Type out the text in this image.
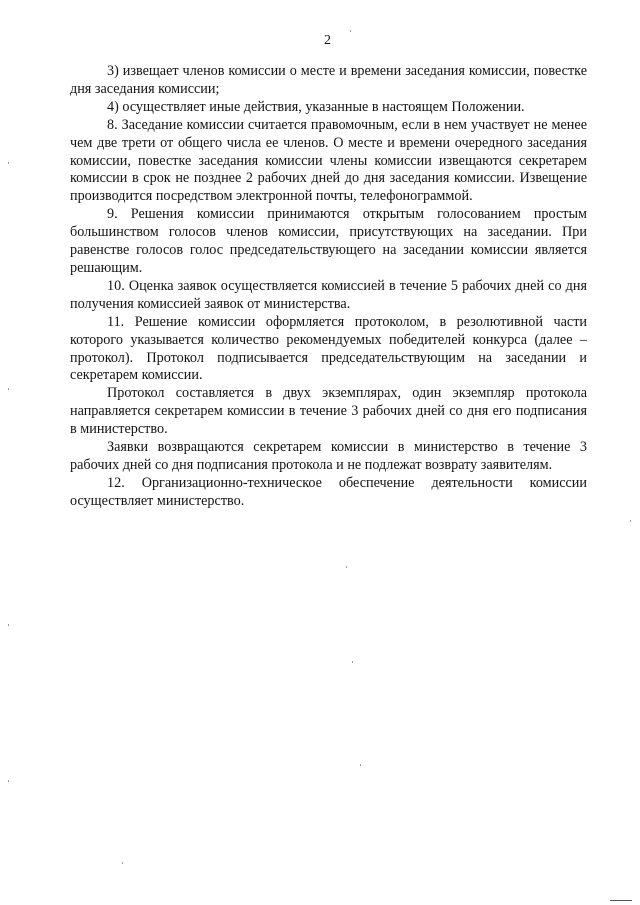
2

3) извещает членов комиссии о месте и времени заседания комиссии, повестке дня заседания комиссии;

4) осуществляет иные действия, указанные в настоящем Положении.

8. Заседание комиссии считается правомочным, если в нем участвует не менее чем две трети от общего числа ее членов. О месте и времени очередного заседания комиссии, повестке заседания комиссии члены комиссии извещаются секретарем комиссии в срок не позднее 2 рабочих дней до дня заседания комиссии. Извещение производится посредством электронной почты, телефонограммой.

9. Решения комиссии принимаются открытым голосованием простым большинством голосов членов комиссии, присутствующих на заседании. При равенстве голосов голос председательствующего на заседании комиссии является решающим.

10. Оценка заявок осуществляется комиссией в течение 5 рабочих дней со дня получения комиссией заявок от министерства.

11. Решение комиссии оформляется протоколом, в резолютивной части которого указывается количество рекомендуемых победителей конкурса (далее – протокол). Протокол подписывается председательствующим на заседании и секретарем комиссии.

Протокол составляется в двух экземплярах, один экземпляр протокола направляется секретарем комиссии в течение 3 рабочих дней со дня его подписания в министерство.

Заявки возвращаются секретарем комиссии в министерство в течение 3 рабочих дней со дня подписания протокола и не подлежат возврату заявителям.

12. Организационно-техническое обеспечение деятельности комиссии осуществляет министерство.
